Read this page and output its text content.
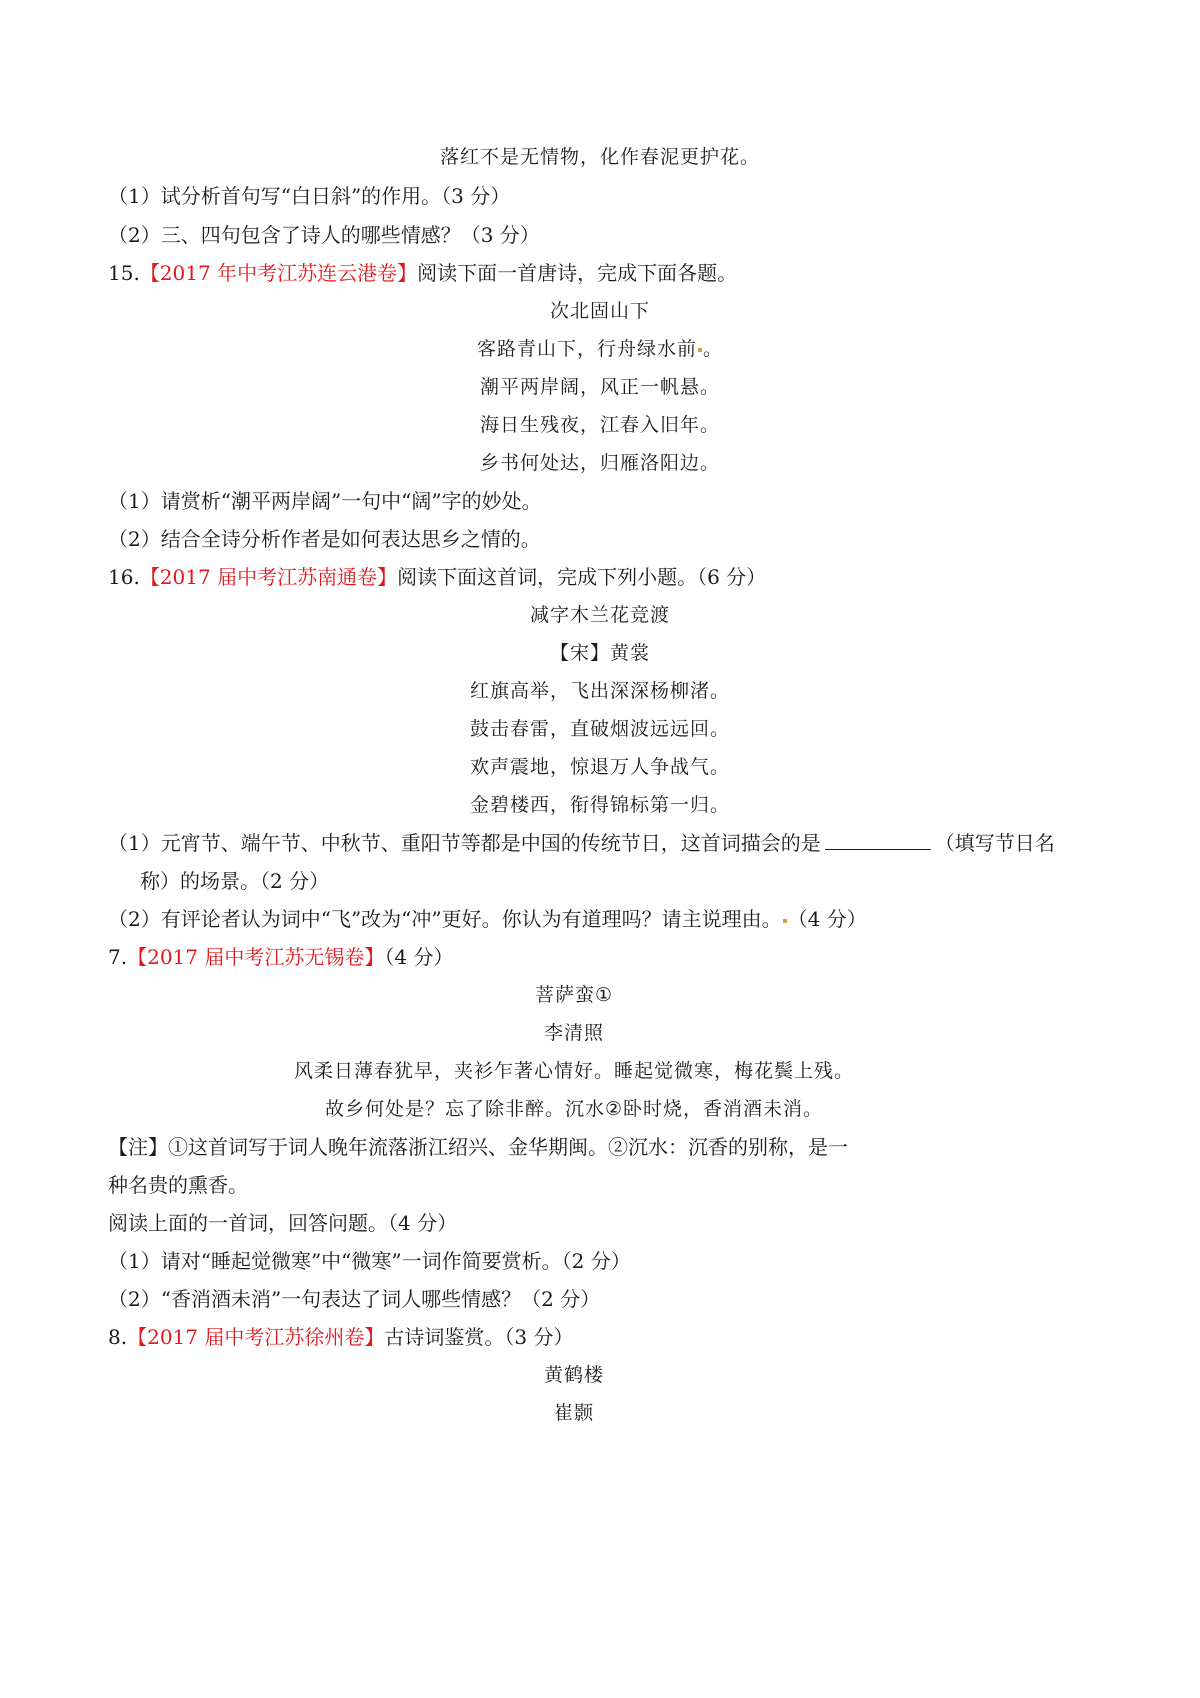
落红不是无情物，化作春泥更护花。
（1）试分析首句写“白日斜”的作用。（3 分）
（2）三、四句包含了诗人的哪些情感？（3 分）
15.【2017 年中考江苏连云港卷】阅读下面一首唐诗，完成下面各题。
次北固山下
客路青山下，行舟绿水前 。
潮平两岸阔，风正一帆悬。
海日生残夜，江春入旧年。
乡书何处达，归雁洛阳边。
（1）请赏析“潮平两岸阔”一句中“阔”字的妙处。
（2）结合全诗分析作者是如何表达思乡之情的。
16.【2017 届中考江苏南通卷】阅读下面这首词，完成下列小题。（6 分）
减字木兰花竞渡
【宋】黄裳
红旗高举，飞出深深杨柳渚。
鼓击春雷，直破烟波远远回。
欢声震地，惊退万人争战气。
金碧楼西，衔得锦标第一归。
（1）元宵节、端午节、中秋节、重阳节等都是中国的传统节日，这首词描会的是	（填写节日名
称）的场景。（2 分）
（2）有评论者认为词中“飞”改为“冲”更好。你认为有道理吗？请主说理由。 （4 分）
7.【2017 届中考江苏无锡卷】（4 分）
菩萨蛮①
李清照
风柔日薄春犹早，夹衫乍著心情好。睡起觉微寒，梅花鬓上残。
故乡何处是？忘了除非醉。沉水②卧时烧，香消酒未消。
【注】①这首词写于词人晚年流落浙江绍兴、金华期闽。②沉水：沉香的别称，是一
种名贵的熏香。
阅读上面的一首词，回答问题。（4 分）
（1）请对“睡起觉微寒”中“微寒”一词作简要赏析。（2 分）
（2）“香消酒未消”一句表达了词人哪些情感？（2 分）
8.【2017 届中考江苏徐州卷】古诗词鉴赏。（3 分）
黄鹤楼
崔颢
